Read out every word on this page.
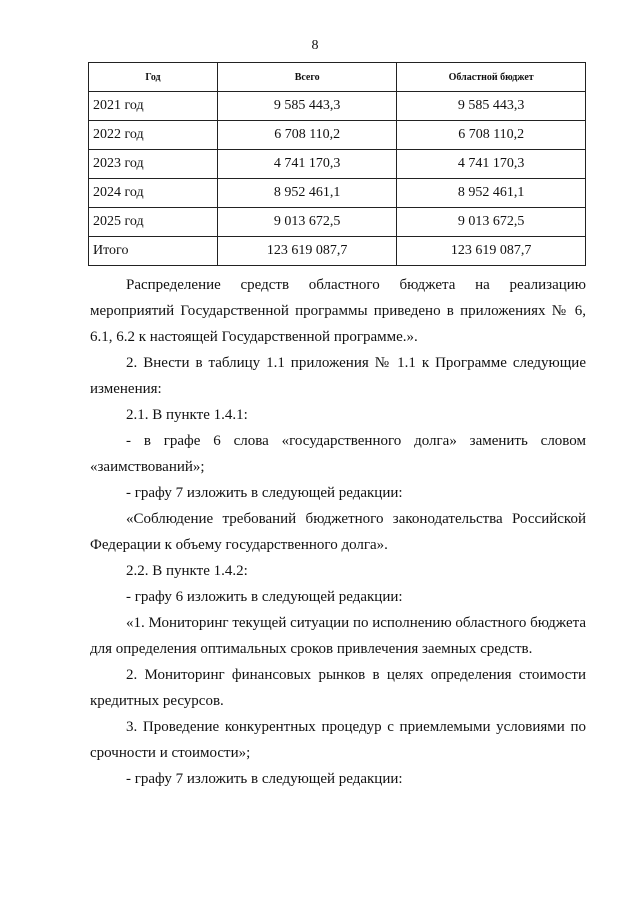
8
Год	Всего	Областной бюджет
2021 год	9 585 443,3	9 585 443,3
2022 год	6 708 110,2	6 708 110,2
2023 год	4 741 170,3	4 741 170,3
2024 год	8 952 461,1	8 952 461,1
2025 год	9 013 672,5	9 013 672,5
Итого	123 619 087,7	123 619 087,7

Распределение средств областного бюджета на реализацию мероприятий Государственной программы приведено в приложениях № 6, 6.1, 6.2 к настоящей Государственной программе.».

2. Внести в таблицу 1.1 приложения № 1.1 к Программе следующие изменения:

2.1. В пункте 1.4.1:

- в графе 6 слова «государственного долга» заменить словом «заимствований»;

- графу 7 изложить в следующей редакции:

«Соблюдение требований бюджетного законодательства Российской Федерации к объему государственного долга».

2.2. В пункте 1.4.2:

- графу 6 изложить в следующей редакции:

«1. Мониторинг текущей ситуации по исполнению областного бюджета для определения оптимальных сроков привлечения заемных средств.

2. Мониторинг финансовых рынков в целях определения стоимости кредитных ресурсов.

3. Проведение конкурентных процедур с приемлемыми условиями по срочности и стоимости»;

- графу 7 изложить в следующей редакции:
